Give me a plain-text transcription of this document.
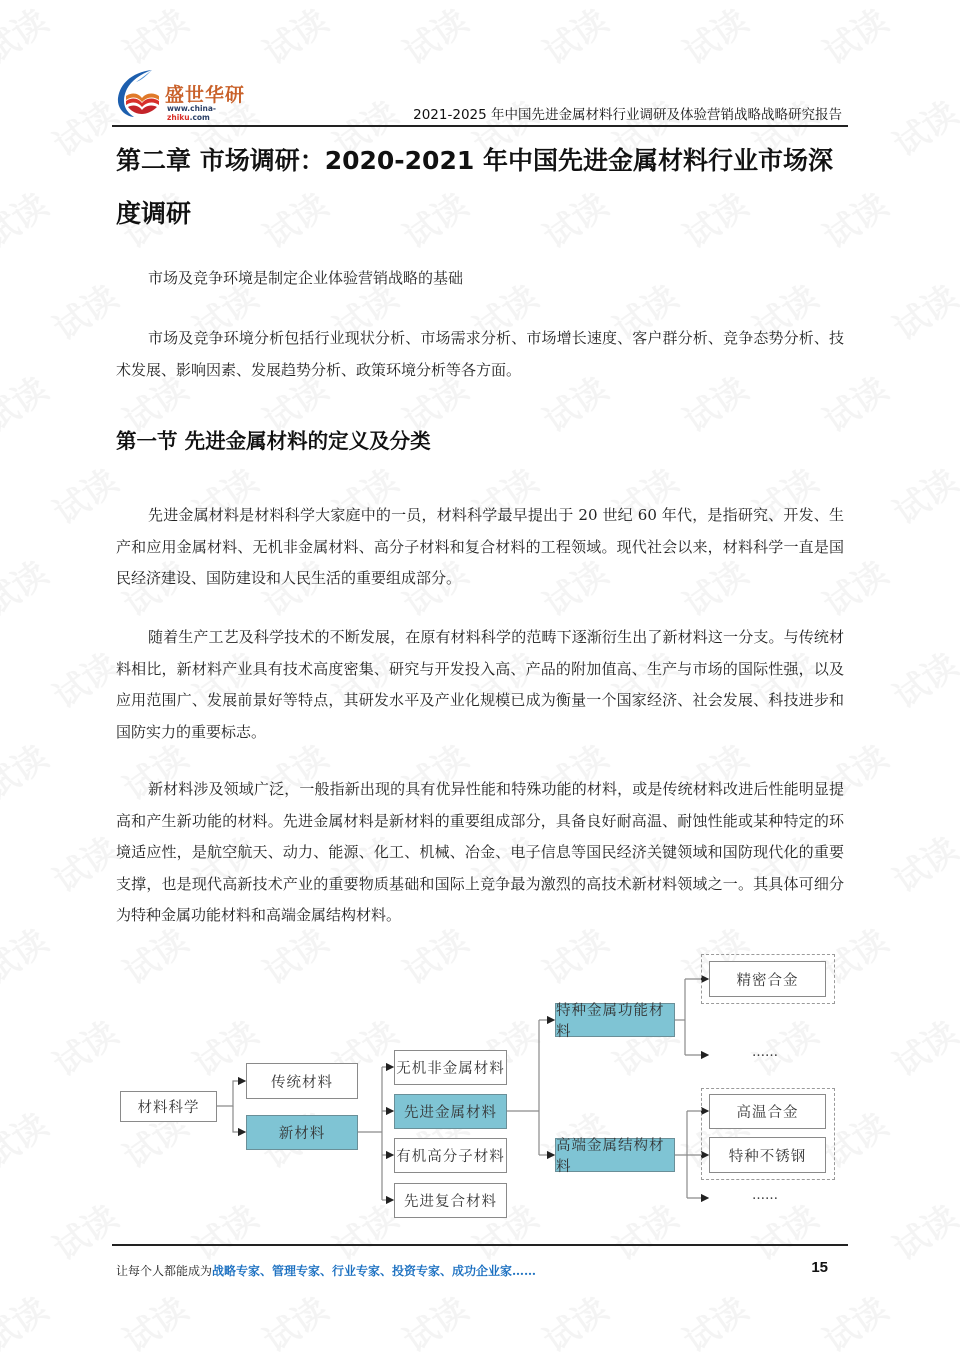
盛世华研
www.china-zhiku.com	2021-2025 年中国先进金属材料行业调研及体验营销战略战略研究报告
第二章 市场调研：2020-2021 年中国先进金属材料行业市场深度调研

市场及竞争环境是制定企业体验营销战略的基础

市场及竞争环境分析包括行业现状分析、市场需求分析、市场增长速度、客户群分析、竞争态势分析、技术发展、影响因素、发展趋势分析、政策环境分析等各方面。

第一节 先进金属材料的定义及分类

先进金属材料是材料科学大家庭中的一员，材料科学最早提出于 20 世纪 60 年代，是指研究、开发、生产和应用金属材料、无机非金属材料、高分子材料和复合材料的工程领域。现代社会以来，材料科学一直是国民经济建设、国防建设和人民生活的重要组成部分。

随着生产工艺及科学技术的不断发展，在原有材料科学的范畴下逐渐衍生出了新材料这一分支。与传统材料相比，新材料产业具有技术高度密集、研究与开发投入高、产品的附加值高、生产与市场的国际性强，以及应用范围广、发展前景好等特点，其研发水平及产业化规模已成为衡量一个国家经济、社会发展、科技进步和国防实力的重要标志。

新材料涉及领域广泛，一般指新出现的具有优异性能和特殊功能的材料，或是传统材料改进后性能明显提高和产生新功能的材料。先进金属材料是新材料的重要组成部分，具备良好耐高温、耐蚀性能或某种特定的环境适应性，是航空航天、动力、能源、化工、机械、冶金、电子信息等国民经济关键领域和国防现代化的重要支撑，也是现代高新技术产业的重要物质基础和国际上竞争最为激烈的高技术新材料领域之一。其具体可细分为特种金属功能材料和高端金属结构材料。

材料科学
传统材料
新材料
无机非金属材料
先进金属材料
有机高分子材料
先进复合材料
特种金属功能材料
高端金属结构材料
精密合金
……
高温合金
特种不锈钢
……
让每个人都能成为战略专家、管理专家、行业专家、投资专家、成功企业家……	15
